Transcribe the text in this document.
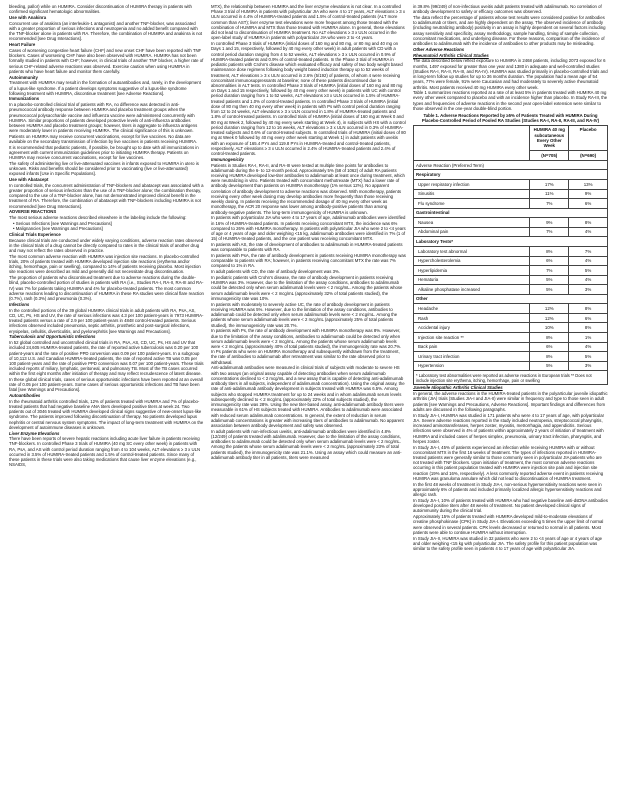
bleeding, pallor) while on HUMIRA. Consider discontinuation of HUMIRA therapy in patients with confirmed significant hematologic abnormalities.

Use with Anakinra

Concurrent use of anakinra (an interleukin-1 antagonist) and another TNF-blocker, was associated with a greater proportion of serious infections and neutropenia and no added benefit compared with the TNF-blocker alone in patients with RA. Therefore, the combination of HUMIRA and anakinra is not recommended [see Drug Interactions].

Heart Failure

Cases of worsening congestive heart failure (CHF) and new onset CHF have been reported with TNF blockers. Cases of worsening CHF have also been observed with HUMIRA. HUMIRA has not been formally studied in patients with CHF; however, in clinical trials of another TNF blocker, a higher rate of serious CHF-related adverse reactions was observed. Exercise caution when using HUMIRA in patients who have heart failure and monitor them carefully.

Autoimmunity

Treatment with HUMIRA may result in the formation of autoantibodies and, rarely, in the development of a lupus-like syndrome. If a patient develops symptoms suggestive of a lupus-like syndrome following treatment with HUMIRA, discontinue treatment [see Adverse Reactions].

Immunizations

In a placebo-controlled clinical trial of patients with RA, no difference was detected in anti-pneumococcal antibody response between HUMIRA and placebo treatment groups when the pneumococcal polysaccharide vaccine and influenza vaccine were administered concurrently with HUMIRA. Similar proportions of patients developed protective levels of anti-influenza antibodies between HUMIRA and placebo treatment groups; however, titers in aggregate to influenza antigens were moderately lower in patients receiving HUMIRA. The clinical significance of this is unknown. Patients on HUMIRA may receive concurrent vaccinations, except for live vaccines. No data are available on the secondary transmission of infection by live vaccines in patients receiving HUMIRA.

It is recommended that pediatric patients, if possible, be brought up to date with all immunizations in agreement with current immunization guidelines prior to initiating HUMIRA therapy. Patients on HUMIRA may receive concurrent vaccinations, except for live vaccines.

The safety of administering live or live-attenuated vaccines in infants exposed to HUMIRA in utero is unknown. Risks and benefits should be considered prior to vaccinating (live or live-attenuated) exposed infants [Use in Specific Populations].

Use with Abatacept

In controlled trials, the concurrent administration of TNF-blockers and abatacept was associated with a greater proportion of serious infections than the use of a TNF-blocker alone; the combination therapy, compared to the use of a TNF-blocker alone, has not demonstrated improved clinical benefit in the treatment of RA. Therefore, the combination of abatacept with TNF-blockers including HUMIRA is not recommended [see Drug Interactions].

ADVERSE REACTIONS

The most serious adverse reactions described elsewhere in the labeling include the following:

• Serious Infections [see Warnings and Precautions]
• Malignancies [see Warnings and Precautions]

Clinical Trials Experience

Because clinical trials are conducted under widely varying conditions, adverse reaction rates observed in the clinical trials of a drug cannot be directly compared to rates in the clinical trials of another drug and may not reflect the rates observed in practice.

The most common adverse reaction with HUMIRA was injection site reactions. In placebo-controlled trials, 20% of patients treated with HUMIRA developed injection site reactions (erythema and/or itching, hemorrhage, pain or swelling), compared to 14% of patients receiving placebo. Most injection site reactions were described as mild and generally did not necessitate drug discontinuation.

The proportion of patients who discontinued treatment due to adverse reactions during the double-blind, placebo-controlled portion of studies in patients with RA (i.e., Studies RA-I, RA-II, RA-III and RA-IV) was 7% for patients taking HUMIRA and 4% for placebo-treated patients. The most common adverse reactions leading to discontinuation of HUMIRA in these RA studies were clinical flare reaction (0.7%), rash (0.3%) and pneumonia (0.3%).

Infections

In the controlled portions of the 39 global HUMIRA clinical trials in adult patients with RA, PsA, AS, CD, UC, Ps, HS and UV, the rate of serious infections was 4.3 per 100 patient-years in 7973 HUMIRA-treated patients versus a rate of 2.9 per 100 patient-years in 4848 control-treated patients. Serious infections observed included pneumonia, septic arthritis, prosthetic and post-surgical infections, erysipelas, cellulitis, diverticulitis, and pyelonephritis [see Warnings and Precautions].

Tuberculosis and Opportunistic Infections

In 52 global controlled and uncontrolled clinical trials in RA, PsA, AS, CD, UC, Ps, HS and UV that included 24,605 HUMIRA-treated patients, the rate of reported active tuberculosis was 0.20 per 100 patient-years and the rate of positive PPD conversion was 0.09 per 100 patient-years. In a subgroup of 10,113 U.S. and Canadian HUMIRA-treated patients, the rate of reported active TB was 0.05 per 100 patient-years and the rate of positive PPD conversion was 0.07 per 100 patient-years. These trials included reports of miliary, lymphatic, peritoneal, and pulmonary TB. Most of the TB cases occurred within the first eight months after initiation of therapy and may reflect recrudescence of latent disease. In these global clinical trials, cases of serious opportunistic infections have been reported at an overall rate of 0.05 per 100 patient-years. Some cases of serious opportunistic infections and TB have been fatal [see Warnings and Precautions].

Autoantibodies

In the rheumatoid arthritis controlled trials, 12% of patients treated with HUMIRA and 7% of placebo-treated patients that had negative baseline ANA titers developed positive titers at week 24. Two patients out of 3046 treated with HUMIRA developed clinical signs suggestive of new-onset lupus-like syndrome. The patients improved following discontinuation of therapy. No patients developed lupus nephritis or central nervous system symptoms. The impact of long-term treatment with HUMIRA on the development of autoimmune diseases is unknown.

Liver Enzyme Elevations

There have been reports of severe hepatic reactions including acute liver failure in patients receiving TNF-blockers. In controlled Phase 3 trials of HUMIRA (40 mg SC every other week) in patients with RA, PsA, and AS with control period duration ranging from 4 to 104 weeks, ALT elevations ≥ 3 x ULN occurred in 3.5% of HUMIRA-treated patients and 1.5% of control-treated patients. Since many of these patients in these trials were also taking medications that cause liver enzyme elevations (e.g., NSAIDS,

MTX), the relationship between HUMIRA and the liver enzyme elevations is not clear. In a controlled Phase 3 trial of HUMIRA in patients with polyarticular JIA who were 4 to 17 years, ALT elevations ≥ 3 x ULN occurred in 4.4% of HUMIRA-treated patients and 1.5% of control-treated patients (ALT more common than AST); liver enzyme test elevations were more frequent among those treated with the combination of HUMIRA and MTX than those treated with HUMIRA alone. In general, these elevations did not lead to discontinuation of HUMIRA treatment. No ALT elevations ≥ 3 x ULN occurred in the open-label study of HUMIRA in patients with polyarticular JIA who were 2 to <4 years.

In controlled Phase 3 trials of HUMIRA (initial doses of 160 mg and 80 mg, or 80 mg and 40 mg on Days 1 and 15, respectively, followed by 40 mg every other week) in adult patients with CD with a control period duration ranging from 4 to 52 weeks, ALT elevations ≥ 3 x ULN occurred in 0.9% of HUMIRA-treated patients and 0.9% of control-treated patients. In the Phase 3 trial of HUMIRA in pediatric patients with Crohn's disease which evaluated efficacy and safety of two body weight based maintenance dose regimens following body weight based induction therapy up to 52 weeks of treatment, ALT elevations ≥ 3 x ULN occurred in 2.6% (5/192) of patients, of whom 4 were receiving concomitant immunosuppressants at baseline; none of these patients discontinued due to abnormalities in ALT tests. In controlled Phase 3 trials of HUMIRA (initial doses of 160 mg and 80 mg on Days 1 and 15 respectively, followed by 40 mg every other week) in patients with UC with control period duration ranging from 1 to 52 weeks, ALT elevations ≥3 x ULN occurred in 1.5% of HUMIRA-treated patients and 1.0% of control-treated patients. In controlled Phase 3 trials of HUMIRA (initial dose of 80 mg then 40 mg every other week) in patients with Ps with control period duration ranging from 12 to 24 weeks, ALT elevations ≥ 3 x ULN occurred in 1.8% of HUMIRA-treated patients and 1.8% of control-treated patients. In controlled trials of HUMIRA (initial doses of 160 mg at Week 0 and 80 mg at Week 2, followed by 40 mg every week starting at Week 4), in subjects with HS with a control period duration ranging from 12 to 16 weeks, ALT elevations ≥ 3 x ULN occurred in 0.3% of HUMIRA-treated subjects and 0.6% of control-treated subjects. In controlled trials of HUMIRA (initial doses of 80 mg at Week 0 followed by 40 mg every other week starting at Week 1) in adult patients with uveitis with an exposure of 165.4 PYs and 119.8 PYs in HUMIRA-treated and control-treated patients, respectively, ALT elevations ≥ 3 x ULN occurred in 2.4% of HUMIRA-treated patients and 2.4% of control-treated patients.

Immunogenicity

Patients in Studies RA-I, RA-II, and RA-III were tested at multiple time points for antibodies to adalimumab during the 6- to 12-month period. Approximately 5% (58 of 1062) of adult RA patients receiving HUMIRA developed low-titer antibodies to adalimumab at least once during treatment, which were neutralizing in vitro. Patients treated with concomitant methotrexate (MTX) had a lower rate of antibody development than patients on HUMIRA monotherapy (1% versus 12%). No apparent correlation of antibody development to adverse reactions was observed. With monotherapy, patients receiving every other week dosing may develop antibodies more frequently than those receiving weekly dosing. In patients receiving the recommended dosage of 40 mg every other week as monotherapy, the ACR 20 response was lower among antibody-positive patients than among antibody-negative patients. The long-term immunogenicity of HUMIRA is unknown.

In patients with polyarticular JIA who were 4 to 17 years of age, adalimumab antibodies were identified in 16% of HUMIRA-treated patients. In patients receiving concomitant MTX, the incidence was 6% compared to 26% with HUMIRA monotherapy. In patients with polyarticular JIA who were 2 to <4 years of age or 4 years of age and older weighing <15 kg, adalimumab antibodies were identified in 7% (1 of 15) of HUMIRA-treated patients, and the one patient was receiving concomitant MTX.

In patients with AS, the rate of development of antibodies to adalimumab in HUMIRA-treated patients was comparable to patients with RA.

In patients with PsA, the rate of antibody development in patients receiving HUMIRA monotherapy was comparable to patients with RA; however, in patients receiving concomitant MTX the rate was 7% compared to 1% in RA.

In adult patients with CD, the rate of antibody development was 3%.

In pediatric patients with Crohn's disease, the rate of antibody development in patients receiving HUMIRA was 3%. However, due to the limitation of the assay conditions, antibodies to adalimumab could be detected only when serum adalimumab levels were < 2 mcg/mL. Among the patients whose serum adalimumab levels were < 2 mcg/mL (approximately 32% of total patients studied), the immunogenicity rate was 10%.

In patients with moderately to severely active UC, the rate of antibody development in patients receiving HUMIRA was 5%. However, due to the limitation of the assay conditions, antibodies to adalimumab could be detected only when serum adalimumab levels were < 2 mcg/mL. Among the patients whose serum adalimumab levels were < 2 mcg/mL (approximately 25% of total patients studied), the immunogenicity rate was 20.7%.

In patients with Ps, the rate of antibody development with HUMIRA monotherapy was 8%. However, due to the limitation of the assay conditions, antibodies to adalimumab could be detected only when serum adalimumab levels were < 2 mcg/mL. Among the patients whose serum adalimumab levels were < 2 mcg/mL (approximately 40% of total patients studied), the immunogenicity rate was 20.7%. In Ps patients who were on HUMIRA monotherapy and subsequently withdrawn from the treatment, the rate of antibodies to adalimumab after retreatment was similar to the rate observed prior to withdrawal.

Anti-adalimumab antibodies were measured in clinical trials of subjects with moderate to severe HS with two assays (an original assay capable of detecting antibodies when serum adalimumab concentrations declined to < 2 mcg/mL and a new assay that is capable of detecting anti-adalimumab antibody titers in all subjects, independent of adalimumab concentration). Using the original assay, the rate of anti-adalimumab antibody development in subjects treated with HUMIRA was 6.5%. Among subjects who stopped HUMIRA treatment for up to 24 weeks and in whom adalimumab serum levels subsequently declined to < 2 mcg/mL (approximately 22% of total subjects studied), the immunogenicity rate was 28%. Using the new titer-based assay, anti-adalimumab antibody titers were measurable in 61% of HS subjects treated with HUMIRA. Antibodies to adalimumab were associated with reduced serum adalimumab concentrations. In general, the extent of reduction in serum adalimumab concentrations is greater with increasing titers of antibodies to adalimumab. No apparent association between antibody development and safety was observed.

In adult patients with non-infectious uveitis, anti-adalimumab antibodies were identified in 4.8% (12/249) of patients treated with adalimumab. However, due to the limitation of the assay conditions, antibodies to adalimumab could be detected only when serum adalimumab levels were < 2 mcg/mL. Among the patients whose serum adalimumab levels were < 2 mcg/mL (approximately 23% of total patients studied), the immunogenicity rate was 21.1%. Using an assay which could measure an anti-adalimumab antibody titer in all patients, titers were measured

in 39.8% (99/249) of non-infectious uveitis adult patients treated with adalimumab. No correlation of antibody development to safety or efficacy outcomes was observed.

The data reflect the percentage of patients whose test results were considered positive for antibodies to adalimumab or titers, and are highly dependent on the assay. The observed incidence of antibody (including neutralizing antibody) positivity in an assay is highly dependent on several factors including assay sensitivity and specificity, assay methodology, sample handling, timing of sample collection, concomitant medications, and underlying disease. For these reasons, comparison of the incidence of antibodies to adalimumab with the incidence of antibodies to other products may be misleading.

Other Adverse Reactions

Rheumatoid Arthritis Clinical Studies

The data described below reflect exposure to HUMIRA in 2468 patients, including 2073 exposed for 6 months, 1497 exposed for greater than one year and 1380 in adequate and well-controlled studies (Studies RA-I, RA-II, RA-III, and RA-IV). HUMIRA was studied primarily in placebo-controlled trials and in long-term follow up studies for up to 36 months duration. The population had a mean age of 54 years, 77% were female, 91% were Caucasian and had moderately to severely active rheumatoid arthritis. Most patients received 40 mg HUMIRA every other week.

Table 1 summarizes reactions reported at a rate of at least 5% in patients treated with HUMIRA 40 mg every other week compared to placebo and with an incidence higher than placebo. In Study RA-III, the types and frequencies of adverse reactions in the second year open-label extension were similar to those observed in the one-year double-blind portion.

Table 1. Adverse Reactions Reported by ≥5% of Patients Treated with HUMIRA During Placebo-Controlled Period of Pooled RA Studies (Studies RA-I, RA-II, RA-III, and RA-IV)
	HUMIRA 40 mg subcutaneous Every Other Week	Placebo
	(N=705)	(N=690)
Adverse Reaction (Preferred Term)		
Respiratory		
Upper respiratory infection	17%	13%
Sinusitis	11%	9%
Flu syndrome	7%	6%
Gastrointestinal		
Nausea	9%	8%
Abdominal pain	7%	4%
Laboratory Tests*		
Laboratory test abnormal	8%	7%
Hypercholesterolemia	6%	4%
Hyperlipidemia	7%	5%
Hematuria	5%	4%
Alkaline phosphatase increased	5%	3%
Other		
Headache	12%	8%
Rash	12%	6%
Accidental injury	10%	8%
Injection site reaction **	8%	1%
Back pain	6%	4%
Urinary tract infection	8%	5%
Hypertension	5%	3%
* Laboratory test abnormalities were reported as adverse reactions in European trials ** Does not include injection site erythema, itching, hemorrhage, pain or swelling		

Juvenile Idiopathic Arthritis Clinical Studies

In general, the adverse reactions in the HUMIRA-treated patients in the polyarticular juvenile idiopathic arthritis (JIA) trials (Studies JIA-I and JIA-II) were similar in frequency and type to those seen in adult patients [see Warnings and Precautions, Adverse Reactions]. Important findings and differences from adults are discussed in the following paragraphs.

In Study JIA-I, HUMIRA was studied in 171 patients who were 4 to 17 years of age, with polyarticular JIA. Severe adverse reactions reported in the study included neutropenia, streptococcal pharyngitis, increased aminotransferases, herpes zoster, myositis, metrorrhagia, and appendicitis. Serious infections were observed in 4% of patients within approximately 2 years of initiation of treatment with HUMIRA and included cases of herpes simplex, pneumonia, urinary tract infection, pharyngitis, and herpes zoster.

In Study JIA-I, 45% of patients experienced an infection while receiving HUMIRA with or without concomitant MTX in the first 16 weeks of treatment. The types of infections reported in HUMIRA-treated patients were generally similar to those commonly seen in polyarticular JIA patients who are not treated with TNF blockers. Upon initiation of treatment, the most common adverse reactions occurring in this patient population treated with HUMIRA were injection site pain and injection site reaction (19% and 16%, respectively). A less commonly reported adverse event in patients receiving HUMIRA was granuloma annulare which did not lead to discontinuation of HUMIRA treatment.

In the first 48 weeks of treatment in Study JIA-I, non-serious hypersensitivity reactions were seen in approximately 6% of patients and included primarily localized allergic hypersensitivity reactions and allergic rash.

In Study JIA-I, 10% of patients treated with HUMIRA who had negative baseline anti-dsDNA antibodies developed positive titers after 48 weeks of treatment. No patient developed clinical signs of autoimmunity during the clinical trial.

Approximately 15% of patients treated with HUMIRA developed mild-to-moderate elevations of creatine phosphokinase (CPK) in Study JIA-I. Elevations exceeding 5 times the upper limit of normal were observed in several patients. CPK levels decreased or returned to normal in all patients. Most patients were able to continue HUMIRA without interruption.

In Study JIA-II, HUMIRA was studied in 32 patients who were 2 to <4 years of age or 4 years of age and older weighing <15 kg with polyarticular JIA. The safety profile for this patient population was similar to the safety profile seen in patients 4 to 17 years of age with polyarticular JIA.
